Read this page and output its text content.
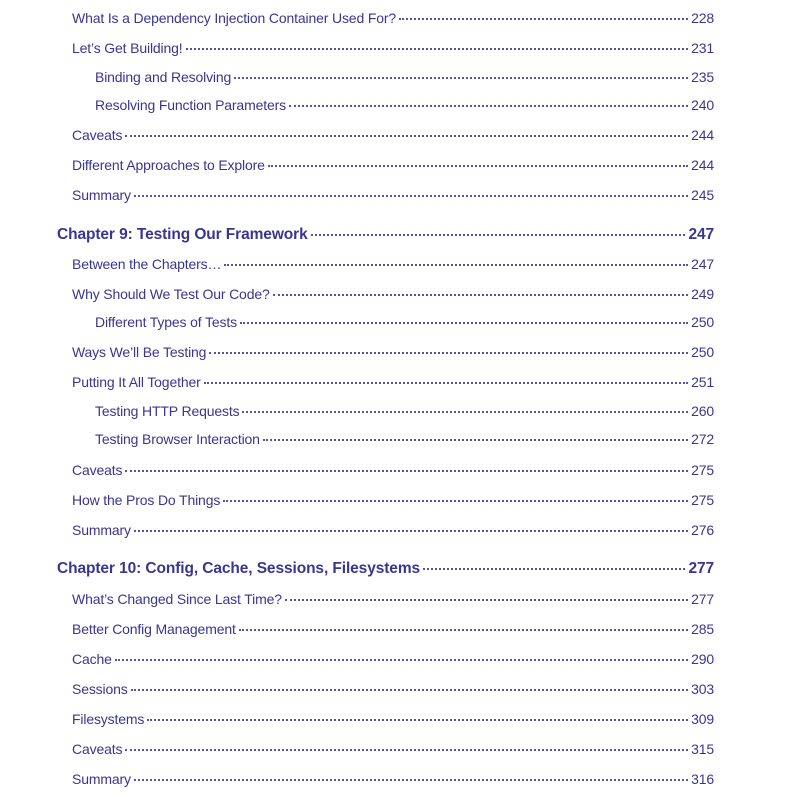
What Is a Dependency Injection Container Used For?	228
Let’s Get Building!	231
Binding and Resolving	235
Resolving Function Parameters	240
Caveats	244
Different Approaches to Explore	244
Summary	245
Chapter 9: Testing Our Framework	247
Between the Chapters…	247
Why Should We Test Our Code?	249
Different Types of Tests	250
Ways We’ll Be Testing	250
Putting It All Together	251
Testing HTTP Requests	260
Testing Browser Interaction	272
Caveats	275
How the Pros Do Things	275
Summary	276
Chapter 10: Config, Cache, Sessions, Filesystems	277
What’s Changed Since Last Time?	277
Better Config Management	285
Cache	290
Sessions	303
Filesystems	309
Caveats	315
Summary	316
